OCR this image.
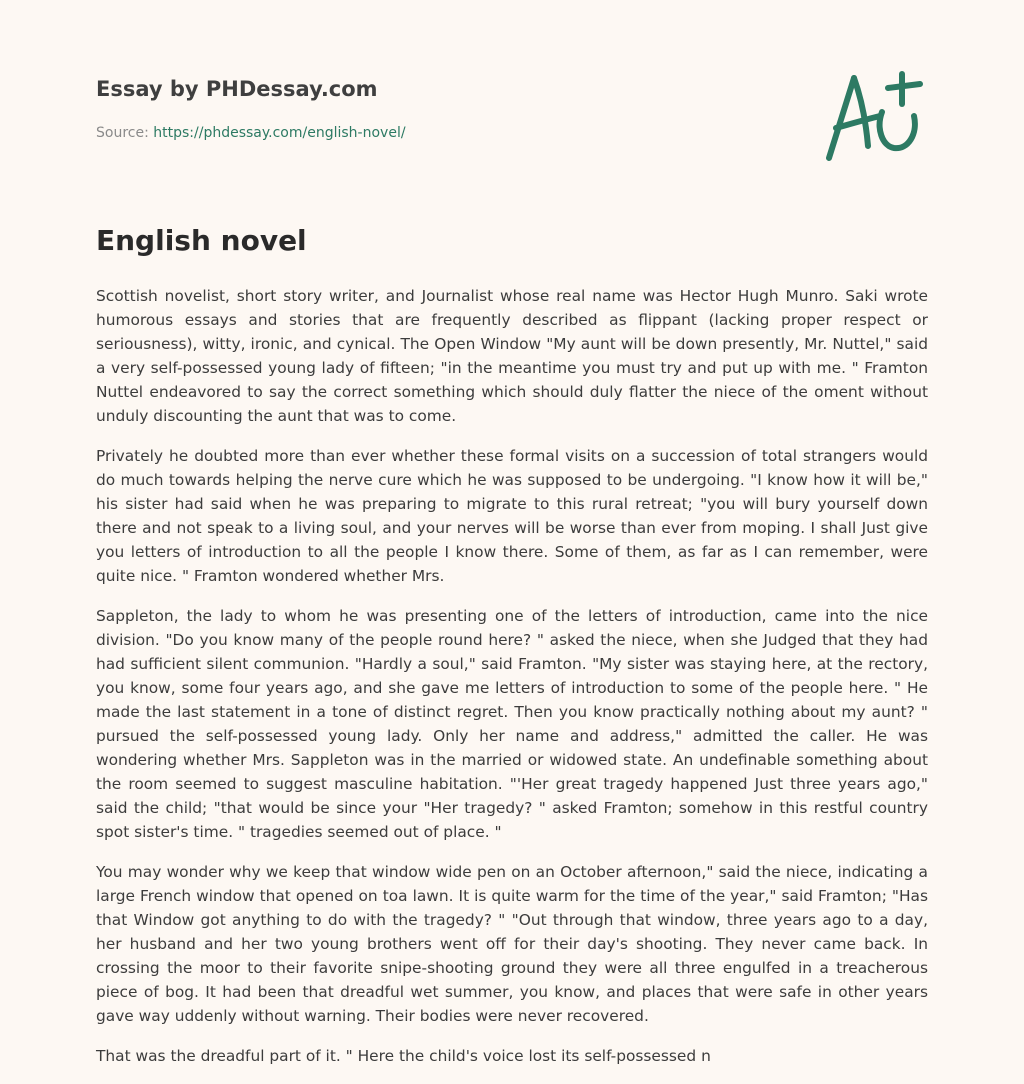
Essay by PHDessay.com
Source: https://phdessay.com/english-novel/
English novel

Scottish novelist, short story writer, and Journalist whose real name was Hector Hugh Munro. Saki wrote humorous essays and stories that are frequently described as flippant (lacking proper respect or seriousness), witty, ironic, and cynical. The Open Window "My aunt will be down presently, Mr. Nuttel," said a very self-possessed young lady of fifteen; "in the meantime you must try and put up with me. " Framton Nuttel endeavored to say the correct something which should duly flatter the niece of the oment without unduly discounting the aunt that was to come.

Privately he doubted more than ever whether these formal visits on a succession of total strangers would do much towards helping the nerve cure which he was supposed to be undergoing. "I know how it will be," his sister had said when he was preparing to migrate to this rural retreat; "you will bury yourself down there and not speak to a living soul, and your nerves will be worse than ever from moping. I shall Just give you letters of introduction to all the people I know there. Some of them, as far as I can remember, were quite nice. " Framton wondered whether Mrs.

Sappleton, the lady to whom he was presenting one of the letters of introduction, came into the nice division. "Do you know many of the people round here? " asked the niece, when she Judged that they had had sufficient silent communion. "Hardly a soul," said Framton. "My sister was staying here, at the rectory, you know, some four years ago, and she gave me letters of introduction to some of the people here. " He made the last statement in a tone of distinct regret. Then you know practically nothing about my aunt? " pursued the self-possessed young lady. Only her name and address," admitted the caller. He was wondering whether Mrs. Sappleton was in the married or widowed state. An undefinable something about the room seemed to suggest masculine habitation. "'Her great tragedy happened Just three years ago," said the child; "that would be since your "Her tragedy? " asked Framton; somehow in this restful country spot sister's time. " tragedies seemed out of place. "

You may wonder why we keep that window wide pen on an October afternoon," said the niece, indicating a large French window that opened on toa lawn. It is quite warm for the time of the year," said Framton; "Has that Window got anything to do with the tragedy? " "Out through that window, three years ago to a day, her husband and her two young brothers went off for their day's shooting. They never came back. In crossing the moor to their favorite snipe-shooting ground they were all three engulfed in a treacherous piece of bog. It had been that dreadful wet summer, you know, and places that were safe in other years gave way uddenly without warning. Their bodies were never recovered.

That was the dreadful part of it. " Here the child's voice lost its self-possessed n
